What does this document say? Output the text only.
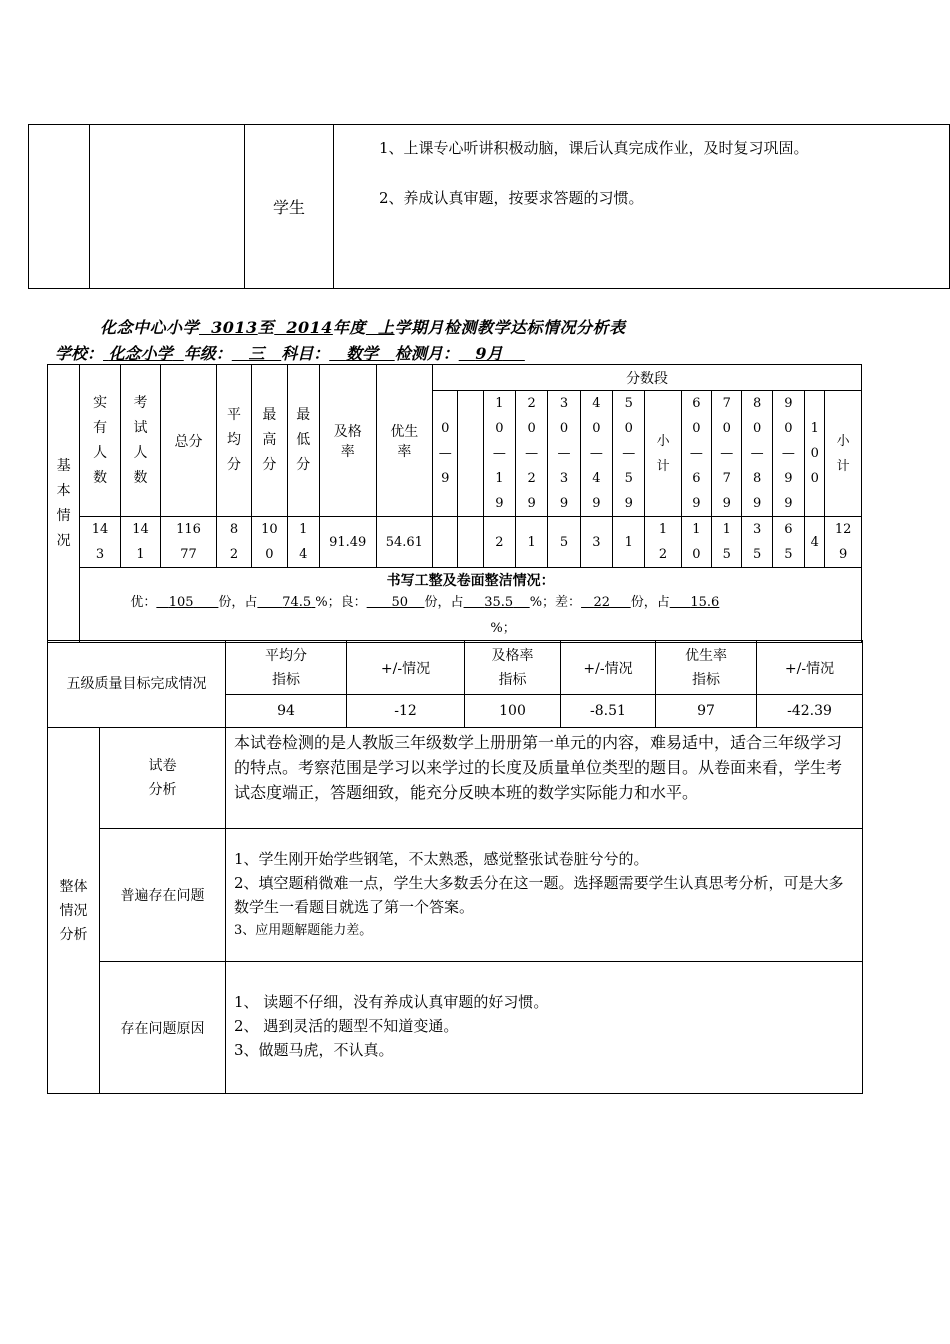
		学生	

1、上课专心听讲积极动脑，课后认真完成作业，及时复习巩固。

2、养成认真审题，按要求答题的习惯。

化念中心小学 3013至 2014年度 上学期月检测教学达标情况分析表
学校： 化念小学 年级： 三 科目： 数学 检测月： 9月
基本情况	实有人数	考试人数	总分	平均分	最高分	最低分	及格率	优生率	分数段													
									0—9		10—19	20—29	30—39	40—49	50—59	小计	60—69	70—79	80—89	90—99	100	小计
	143	141	11677	82	100	14	91.49	54.61			2	1	5	3	1	12	10	15	35	65	4	129

	书写工整及卷面整洁情况：
优： 105 份，占 74.5 %；良： 50 份，占 35.5 %；差： 22 份，占 15.6
%；																					
五级质量目标完成情况	平均分指标	+/-情况	及格率指标	+/-情况	优生率指标	+/-情况
	94	-12	100	-8.51	97	-42.39
整体情况分析	试卷分析	本试卷检测的是人教版三年级数学上册册第一单元的内容，难易适中，适合三年级学习的特点。考察范围是学习以来学过的长度及质量单位类型的题目。从卷面来看，学生考试态度端正，答题细致，能充分反映本班的数学实际能力和水平。
	普遍存在问题	1、学生刚开始学些钢笔，不太熟悉，感觉整张试卷脏兮兮的。

2、填空题稍微难一点，学生大多数丢分在这一题。选择题需要学生认真思考分析，可是大多数学生一看题目就选了第一个答案。

3、应用题解题能力差。

	存在问题原因	1、 读题不仔细，没有养成认真审题的好习惯。

2、 遇到灵活的题型不知道变通。

3、做题马虎，不认真。
